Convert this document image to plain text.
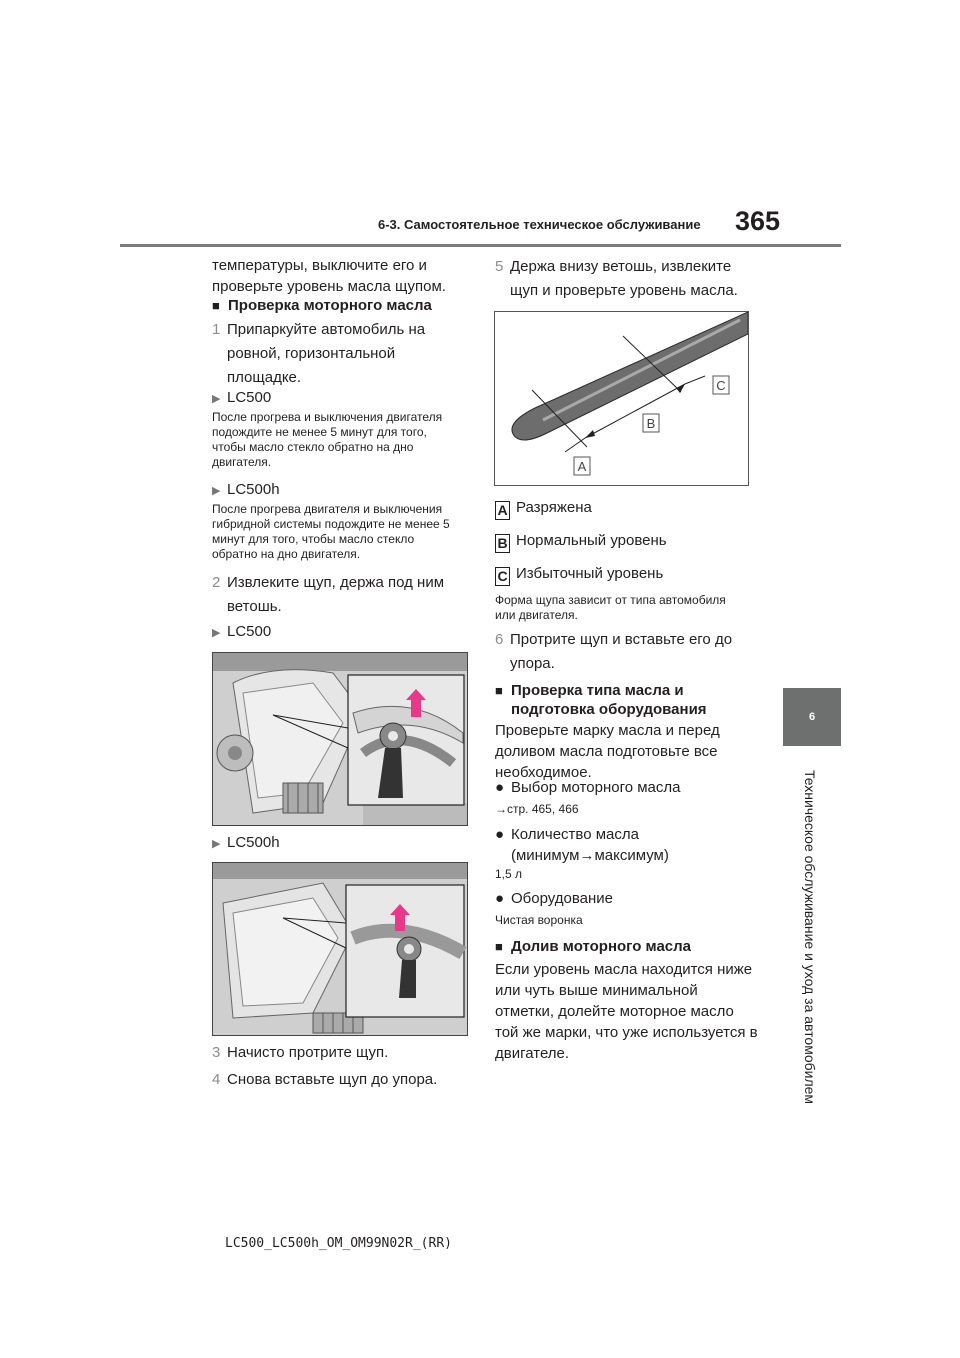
6-3. Самостоятельное техническое обслуживание 365
6
Техническое обслуживание и уход за автомобилем
температуры, выключите его и
проверьте уровень масла щупом.
■ Проверка моторного масла
1 Припаркуйте автомобиль на
ровной, горизонтальной
площадке.
▶ LC500
После прогрева и выключения двигателя
подождите не менее 5 минут для того,
чтобы масло стекло обратно на дно
двигателя.
▶ LC500h
После прогрева двигателя и выключения
гибридной системы подождите не менее 5
минут для того, чтобы масло стекло
обратно на дно двигателя.
2 Извлеките щуп, держа под ним
ветошь.
▶ LC500
▶ LC500h
3 Начисто протрите щуп.
4 Снова вставьте щуп до упора.
5 Держа внизу ветошь, извлеките
щуп и проверьте уровень масла.
C
B
A
A Разряжена
B Нормальный уровень
C Избыточный уровень
Форма щупа зависит от типа автомобиля
или двигателя.
6 Протрите щуп и вставьте его до
упора.
■ Проверка типа масла и
подготовка оборудования
Проверьте марку масла и перед
доливом масла подготовьте все
необходимое.
● Выбор моторного масла
→стр. 465, 466
● Количество масла
(минимум→максимум)
1,5 л
● Оборудование
Чистая воронка
■ Долив моторного масла
Если уровень масла находится ниже
или чуть выше минимальной
отметки, долейте моторное масло
той же марки, что уже используется в
двигателе.
LC500_LC500h_OM_OM99N02R_(RR)
